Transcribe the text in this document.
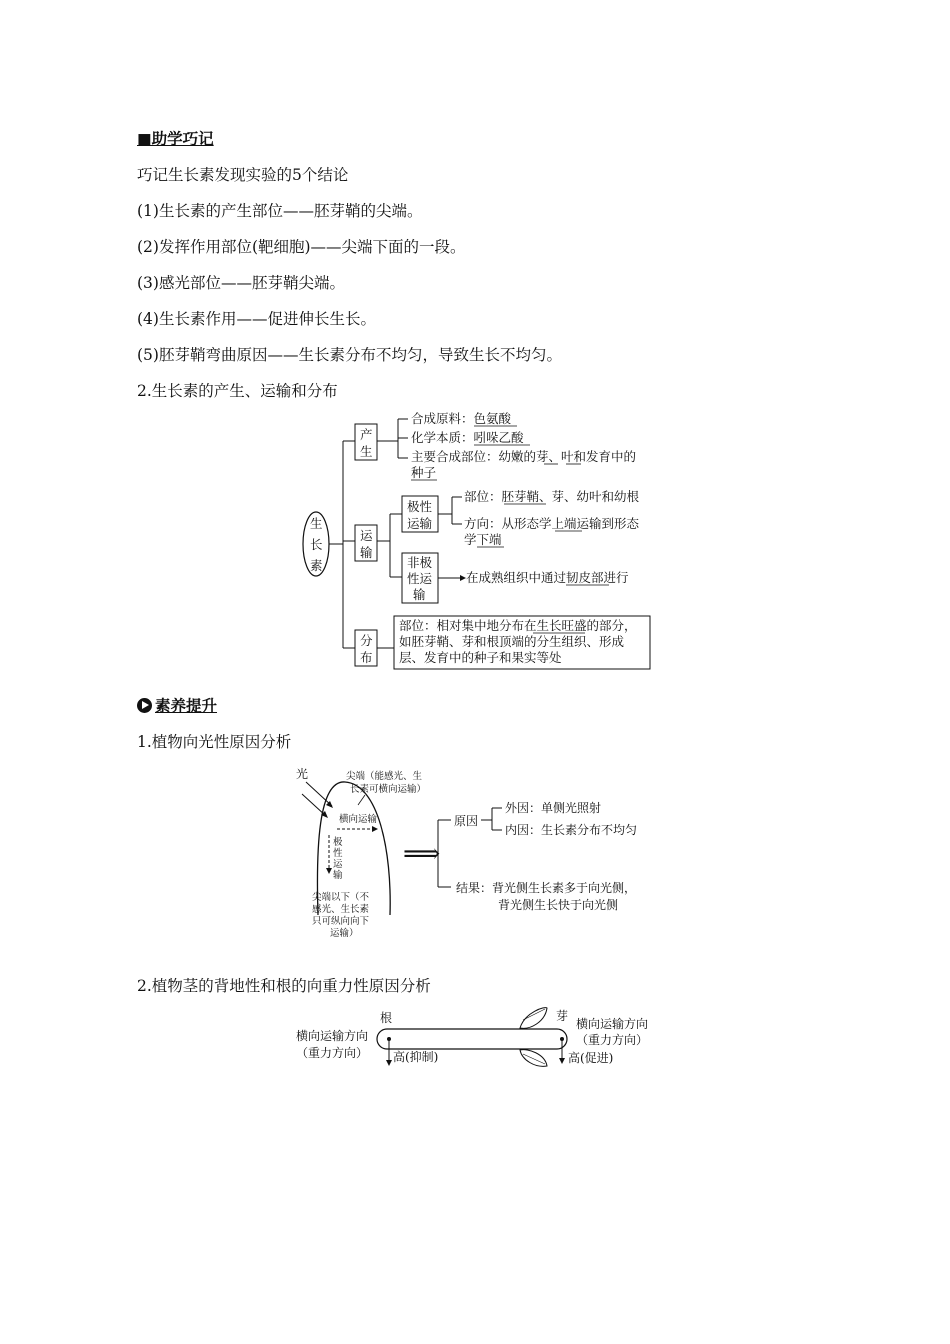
■助学巧记
巧记生长素发现实验的5个结论
(1)生长素的产生部位——胚芽鞘的尖端。
(2)发挥作用部位(靶细胞)——尖端下面的一段。
(3)感光部位——胚芽鞘尖端。
(4)生长素作用——促进伸长生长。
(5)胚芽鞘弯曲原因——生长素分布不均匀，导致生长不均匀。
2.生长素的产生、运输和分布
生
长
素
产
生
合成原料：色氨酸
化学本质：吲哚乙酸
主要合成部位：幼嫩的芽、叶和发育中的
种子
运
输
极性
运输
部位：胚芽鞘、芽、幼叶和幼根
方向：从形态学上端运输到形态
学下端
非极
性运
输
在成熟组织中通过韧皮部进行
分
布
部位：相对集中地分布在生长旺盛的部分，
如胚芽鞘、芽和根顶端的分生组织、形成
层、发育中的种子和果实等处
素养提升
1.植物向光性原因分析
光	尖端（能感光、生
长素可横向运输）
横向运输
极
性
运
输
尖端以下（不
感光、生长素
只可纵向向下
运输）
⟹
原因
外因：单侧光照射
内因：生长素分布不均匀
结果：背光侧生长素多于向光侧，
背光侧生长快于向光侧
2.植物茎的背地性和根的向重力性原因分析
根	芽
横向运输方向
（重力方向） 高(抑制)
横向运输方向
（重力方向）
高(促进)
